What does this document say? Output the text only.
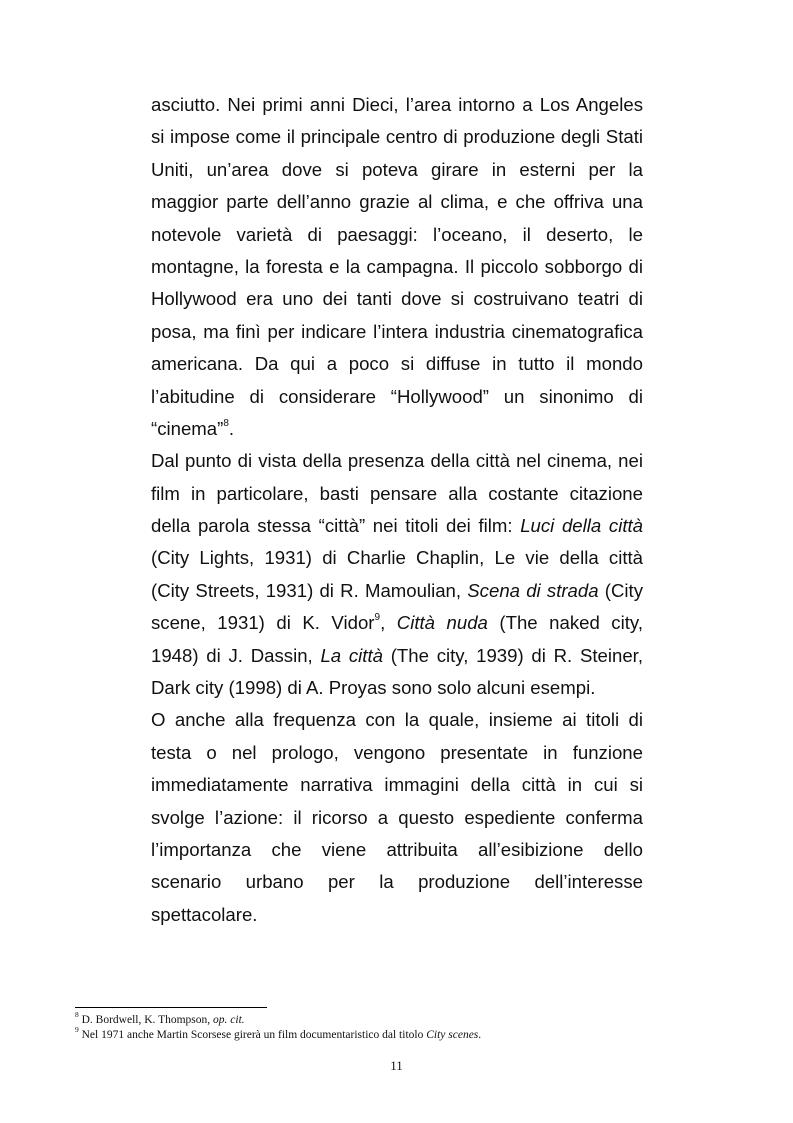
asciutto. Nei primi anni Dieci, l’area intorno a Los Angeles
si impose come il principale centro di produzione degli Stati
Uniti, un’area dove si poteva girare in esterni per la
maggior parte dell’anno grazie al clima, e che offriva una
notevole varietà di paesaggi: l’oceano, il deserto, le
montagne, la foresta e la campagna. Il piccolo sobborgo di
Hollywood era uno dei tanti dove si costruivano teatri di
posa, ma finì per indicare l’intera industria cinematografica
americana. Da qui a poco si diffuse in tutto il mondo
l’abitudine di considerare “Hollywood” un sinonimo di
“cinema”$^8$.
Dal punto di vista della presenza della città nel cinema, nei
film in particolare, basti pensare alla costante citazione
della parola stessa “città” nei titoli dei film: Luci della città
(City Lights, 1931) di Charlie Chaplin, Le vie della città
(City Streets, 1931) di R. Mamoulian, Scena di strada (City
scene, 1931) di K. Vidor$^9$, Città nuda (The naked city,
1948) di J. Dassin, La città (The city, 1939) di R. Steiner,
Dark city (1998) di A. Proyas sono solo alcuni esempi.
O anche alla frequenza con la quale, insieme ai titoli di
testa o nel prologo, vengono presentate in funzione
immediatamente narrativa immagini della città in cui si
svolge l’azione: il ricorso a questo espediente conferma
l’importanza che viene attribuita all’esibizione dello
scenario urbano per la produzione dell’interesse
spettacolare.
$^8$ D. Bordwell, K. Thompson, op. cit.
$^9$ Nel 1971 anche Martin Scorsese girerà un film documentaristico dal titolo City scenes.
11
